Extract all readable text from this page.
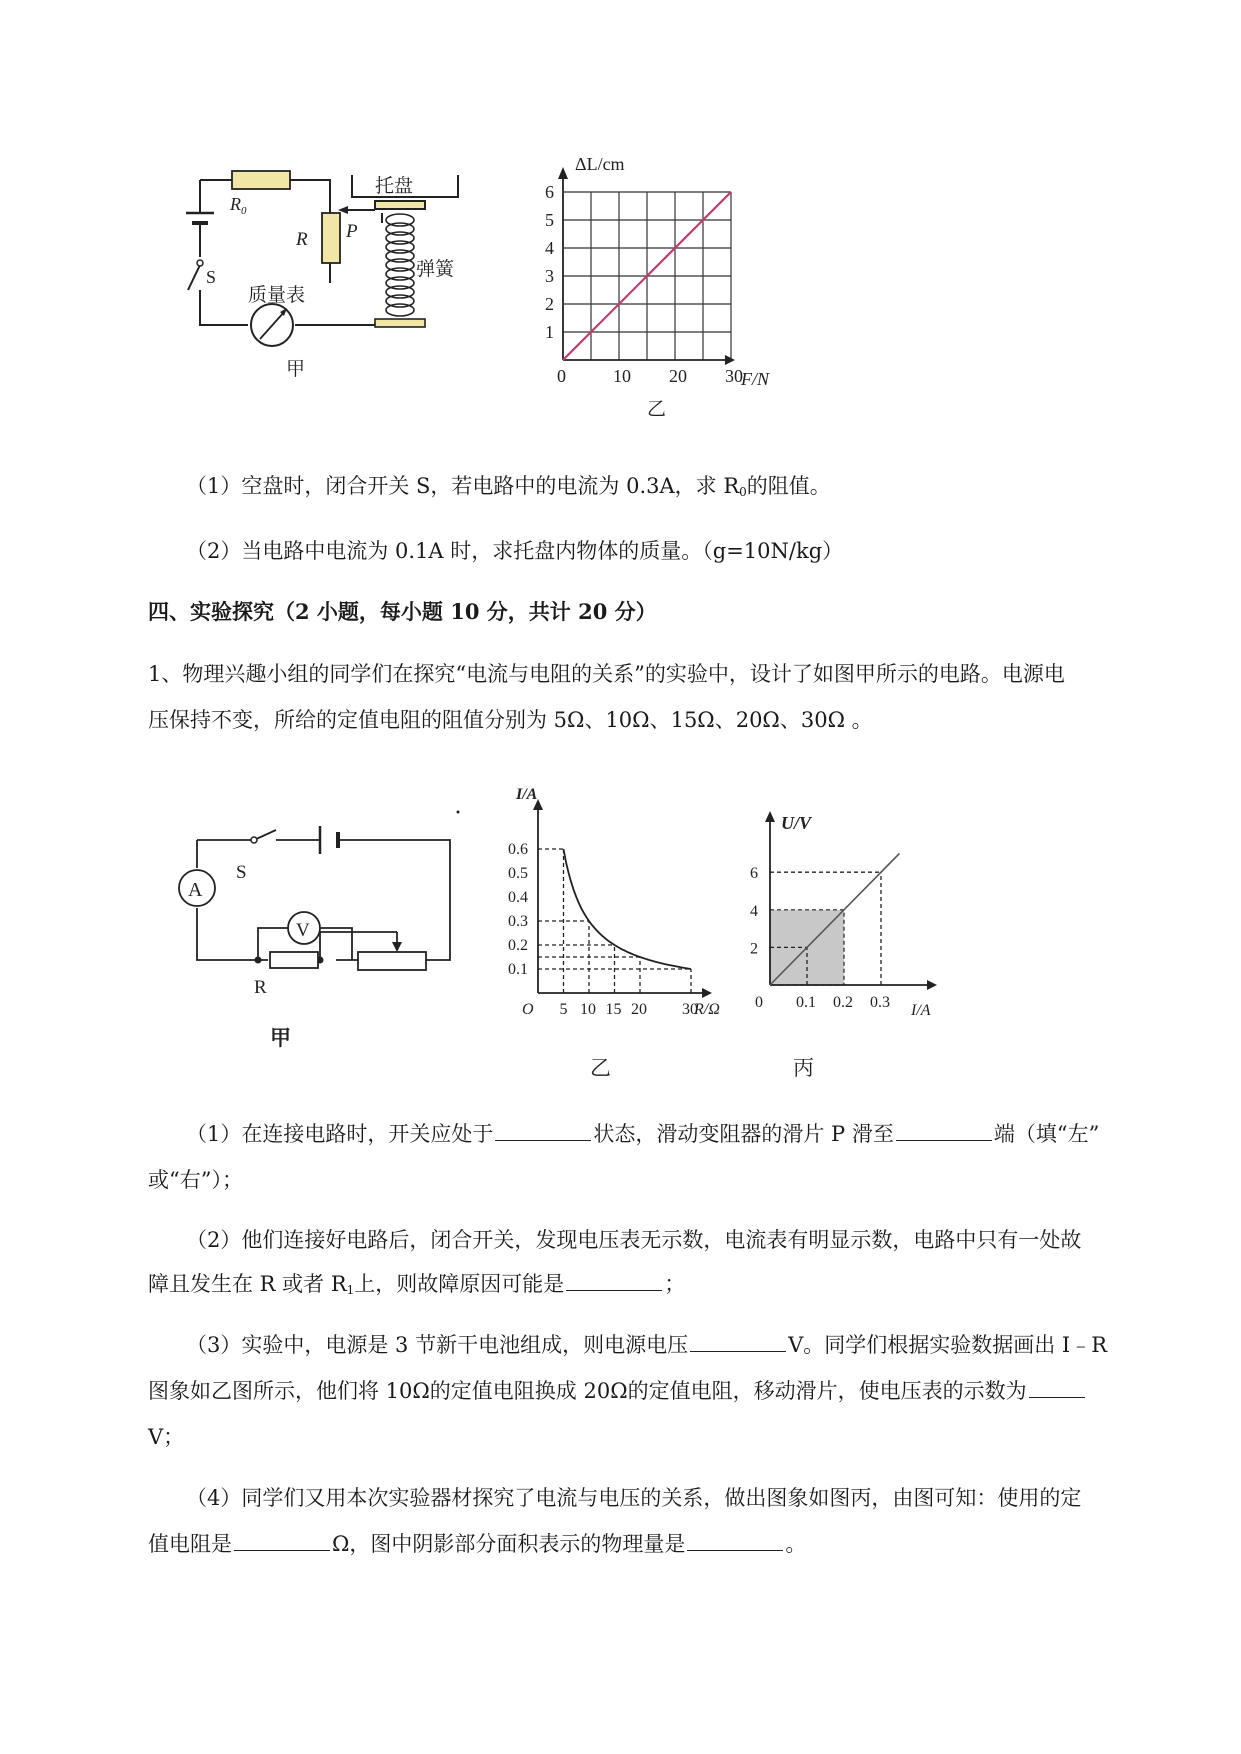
$R_0$
R P
S
质量表
托盘
弹簧
甲	0	10 20 30
1
2
3
4
5
6
ΔL/cm
F/N
乙
（1）空盘时，闭合开关 S，若电路中的电流为 0.3A，求 $R_0$的阻值。
（2）当电路中电流为 0.1A 时，求托盘内物体的质量。（g=10N/kg）
四、实验探究（2 小题，每小题 10 分，共计 20 分）
1、物理兴趣小组的同学们在探究“电流与电阻的关系”的实验中，设计了如图甲所示的电路。电源电
压保持不变，所给的定值电阻的阻值分别为 5Ω、10Ω、15Ω、20Ω、30Ω 。
A
V
S
R
甲
5 10 15 20 30
0.1
0.2
0.3
0.4
0.5
0.6
I/A
R/Ω
O
乙
0.1 0.2 0.3
2
4
6
U/V
I/A
0
丙
（1）在连接电路时，开关应处于	状态，滑动变阻器的滑片 P 滑至	端（填“左”
或“右”）；
（2）他们连接好电路后，闭合开关，发现电压表无示数，电流表有明显示数，电路中只有一处故
障且发生在 R 或者 $R_1$上，则故障原因可能是	；
（3）实验中，电源是 3 节新干电池组成，则电源电压	V。同学们根据实验数据画出 I﹣R
图象如乙图所示，他们将 10Ω的定值电阻换成 20Ω的定值电阻，移动滑片，使电压表的示数为
V；
（4）同学们又用本次实验器材探究了电流与电压的关系，做出图象如图丙，由图可知：使用的定
值电阻是	Ω，图中阴影部分面积表示的物理量是	。
